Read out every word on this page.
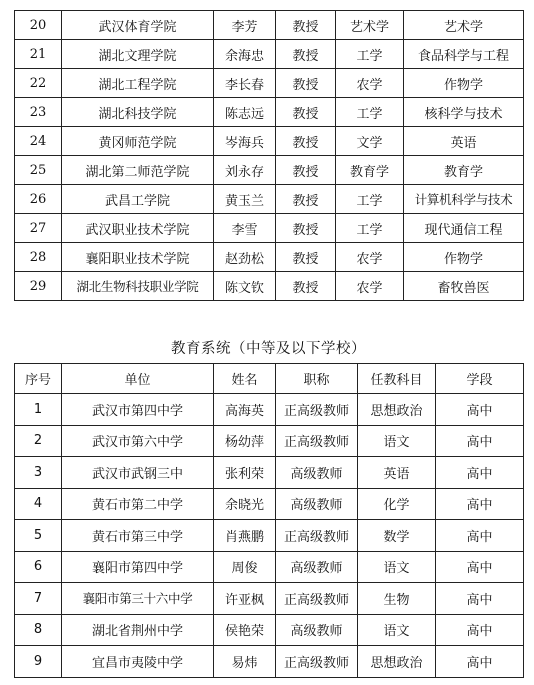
20	武汉体育学院	李芳	教授	艺术学	艺术学
21	湖北文理学院	余海忠	教授	工学	食品科学与工程
22	湖北工程学院	李长春	教授	农学	作物学
23	湖北科技学院	陈志远	教授	工学	核科学与技术
24	黄冈师范学院	岑海兵	教授	文学	英语
25	湖北第二师范学院	刘永存	教授	教育学	教育学
26	武昌工学院	黄玉兰	教授	工学	计算机科学与技术
27	武汉职业技术学院	李雪	教授	工学	现代通信工程
28	襄阳职业技术学院	赵劲松	教授	农学	作物学
29	湖北生物科技职业学院	陈文钦	教授	农学	畜牧兽医
教育系统（中等及以下学校）
序号	单位	姓名	职称	任教科目	学段
1	武汉市第四中学	高海英	正高级教师	思想政治	高中
2	武汉市第六中学	杨幼萍	正高级教师	语文	高中
3	武汉市武钢三中	张利荣	高级教师	英语	高中
4	黄石市第二中学	余晓光	高级教师	化学	高中
5	黄石市第三中学	肖燕鹏	正高级教师	数学	高中
6	襄阳市第四中学	周俊	高级教师	语文	高中
7	襄阳市第三十六中学	许亚枫	正高级教师	生物	高中
8	湖北省荆州中学	侯艳荣	高级教师	语文	高中
9	宜昌市夷陵中学	易炜	正高级教师	思想政治	高中
